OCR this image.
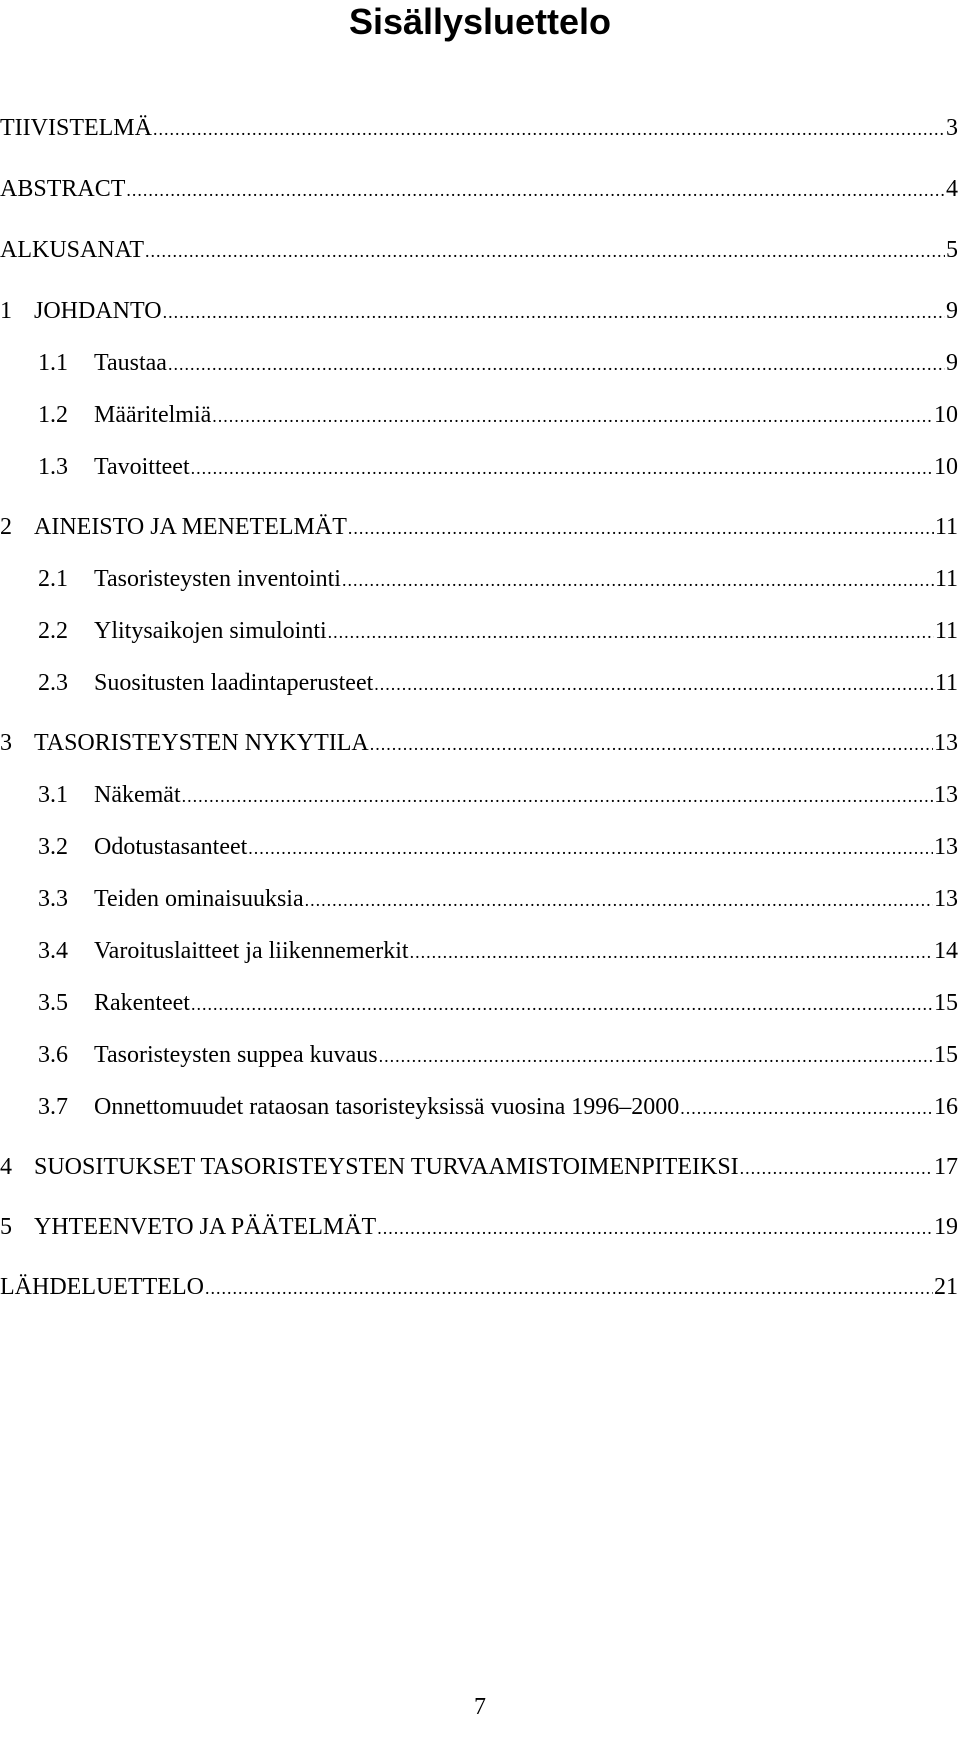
Sisällysluettelo
TIIVISTELMÄ .....	3
ABSTRACT .....	4
ALKUSANAT .....	5
1 JOHDANTO .....	9
1.1	Taustaa .....	9
1.2	Määritelmiä .....	10
1.3	Tavoitteet .....	10
2 AINEISTO JA MENETELMÄT .....	11
2.1	Tasoristeysten inventointi .....	11
2.2	Ylitysaikojen simulointi .....	11
2.3	Suositusten laadintaperusteet .....	11
3 TASORISTEYSTEN NYKYTILA .....	13
3.1	Näkemät .....	13
3.2	Odotustasanteet .....	13
3.3	Teiden ominaisuuksia .....	13
3.4	Varoituslaitteet ja liikennemerkit .....	14
3.5	Rakenteet .....	15
3.6	Tasoristeysten suppea kuvaus .....	15
3.7	Onnettomuudet rataosan tasoristeyksissä vuosina 1996–2000 .....	16
4 SUOSITUKSET TASORISTEYSTEN TURVAAMISTOIMENPITEIKSI .....	17
5 YHTEENVETO JA PÄÄTELMÄT .....	19
LÄHDELUETTELO .....	21
7
